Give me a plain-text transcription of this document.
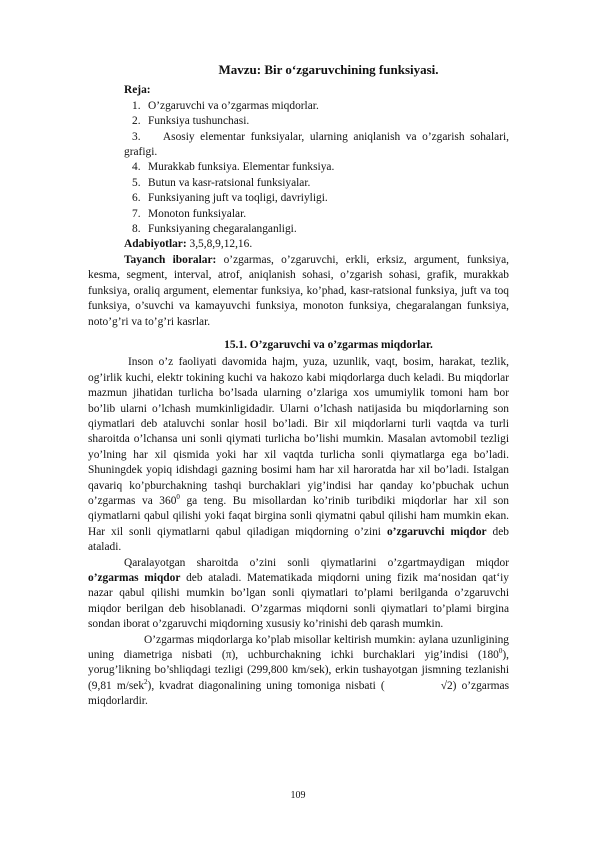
Mavzu: Bir o‘zgaruvchining funksiyasi.
Reja:
1. O’zgaruvchi va o’zgarmas miqdorlar.
2. Funksiya tushunchasi.
3. Asosiy elementar funksiyalar, ularning aniqlanish va o’zgarish sohalari, grafigi.
4. Murakkab funksiya. Elementar funksiya.
5. Butun va kasr-ratsional funksiyalar.
6. Funksiyaning juft va toqligi, davriyligi.
7. Monoton funksiyalar.
8. Funksiyaning chegaralanganligi.
Adabiyotlar: 3,5,8,9,12,16.
Tayanch iboralar: o’zgarmas, o’zgaruvchi, erkli, erksiz, argument, funksiya, kesma, segment, interval, atrof, aniqlanish sohasi, o’zgarish sohasi, grafik, murakkab funksiya, oraliq argument, elementar funksiya, ko’phad, kasr-ratsional funksiya, juft va toq funksiya, o’suvchi va kamayuvchi funksiya, monoton funksiya, chegaralangan funksiya, noto’g’ri va to’g’ri kasrlar.
15.1. O’zgaruvchi va o’zgarmas miqdorlar.
Inson o’z faoliyati davomida hajm, yuza, uzunlik, vaqt, bosim, harakat, tezlik, og’irlik kuchi, elektr tokining kuchi va hakozo kabi miqdorlarga duch keladi. Bu miqdorlar mazmun jihatidan turlicha bo’lsada ularning o’zlariga xos umumiylik tomoni ham bor bo’lib ularni o’lchash mumkinligidadir. Ularni o’lchash natijasida bu miqdorlarning son qiymatlari deb ataluvchi sonlar hosil bo’ladi. Bir xil miqdorlarni turli vaqtda va turli sharoitda o’lchansa uni sonli qiymati turlicha bo’lishi mumkin. Masalan avtomobil tezligi yo’lning har xil qismida yoki har xil vaqtda turlicha sonli qiymatlarga ega bo’ladi. Shuningdek yopiq idishdagi gazning bosimi ham har xil haroratda har xil bo’ladi. Istalgan qavariq ko’pburchakning tashqi burchaklari yig’indisi har qanday ko’pbuchak uchun o’zgarmas va $360^0$ ga teng. Bu misollardan ko’rinib turibdiki miqdorlar har xil son qiymatlarni qabul qilishi yoki faqat birgina sonli qiymatni qabul qilishi ham mumkin ekan. Har xil sonli qiymatlarni qabul qiladigan miqdorning o’zini o’zgaruvchi miqdor deb ataladi.
Qaralayotgan sharoitda o’zini sonli qiymatlarini o’zgartmaydigan miqdor o’zgarmas miqdor deb ataladi. Matematikada miqdorni uning fizik ma‘nosidan qat‘iy nazar qabul qilishi mumkin bo’lgan sonli qiymatlari to’plami berilganda o’zgaruvchi miqdor berilgan deb hisoblanadi. O’zgarmas miqdorni sonli qiymatlari to’plami birgina sondan iborat o’zgaruvchi miqdorning xususiy ko’rinishi deb qarash mumkin.
O’zgarmas miqdorlarga ko’plab misollar keltirish mumkin: aylana uzunligining uning diametriga nisbati (π), uchburchakning ichki burchaklari yig’indisi $(180^0)$, yorug’likning bo’shliqdagi tezligi (299,800 km/sek), erkin tushayotgan jismning tezlanishi (9,81 m/sek$^2$), kvadrat diagonalining uning tomoniga nisbati (	√2) o’zgarmas miqdorlardir.
109
